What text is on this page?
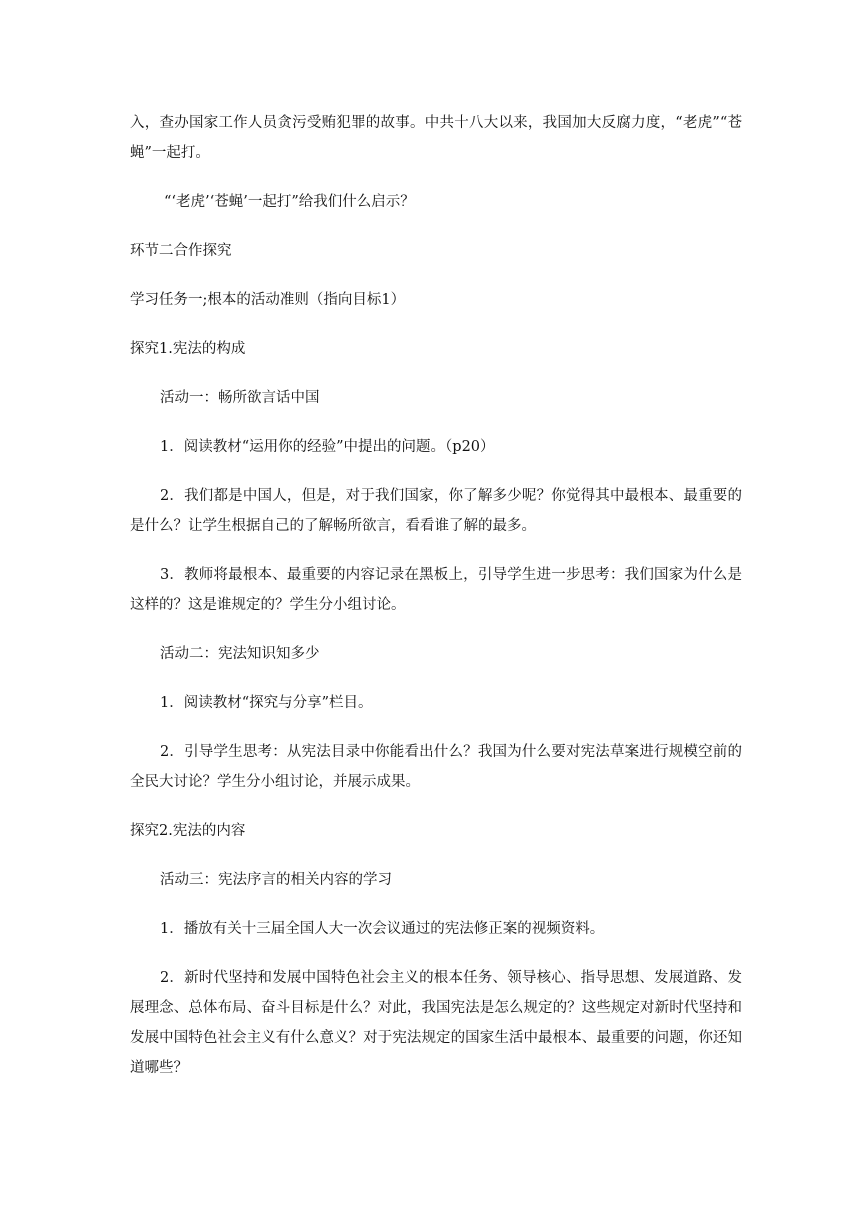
入，查办国家工作人员贪污受贿犯罪的故事。中共十八大以来，我国加大反腐力度，“老虎”“苍蝇”一起打。

“‘老虎’‘苍蝇’一起打”给我们什么启示？

环节二合作探究

学习任务一;根本的活动准则（指向目标1）

探究1.宪法的构成

活动一：畅所欲言话中国

1．阅读教材“运用你的经验”中提出的问题。（p20）

2．我们都是中国人，但是，对于我们国家，你了解多少呢？你觉得其中最根本、最重要的是什么？让学生根据自己的了解畅所欲言，看看谁了解的最多。

3．教师将最根本、最重要的内容记录在黑板上，引导学生进一步思考：我们国家为什么是这样的？这是谁规定的？学生分小组讨论。

活动二：宪法知识知多少

1．阅读教材“探究与分享”栏目。

2．引导学生思考：从宪法目录中你能看出什么？我国为什么要对宪法草案进行规模空前的全民大讨论？学生分小组讨论，并展示成果。

探究2.宪法的内容

活动三：宪法序言的相关内容的学习

1．播放有关十三届全国人大一次会议通过的宪法修正案的视频资料。

2．新时代坚持和发展中国特色社会主义的根本任务、领导核心、指导思想、发展道路、发展理念、总体布局、奋斗目标是什么？对此，我国宪法是怎么规定的？这些规定对新时代坚持和发展中国特色社会主义有什么意义？对于宪法规定的国家生活中最根本、最重要的问题，你还知道哪些？
